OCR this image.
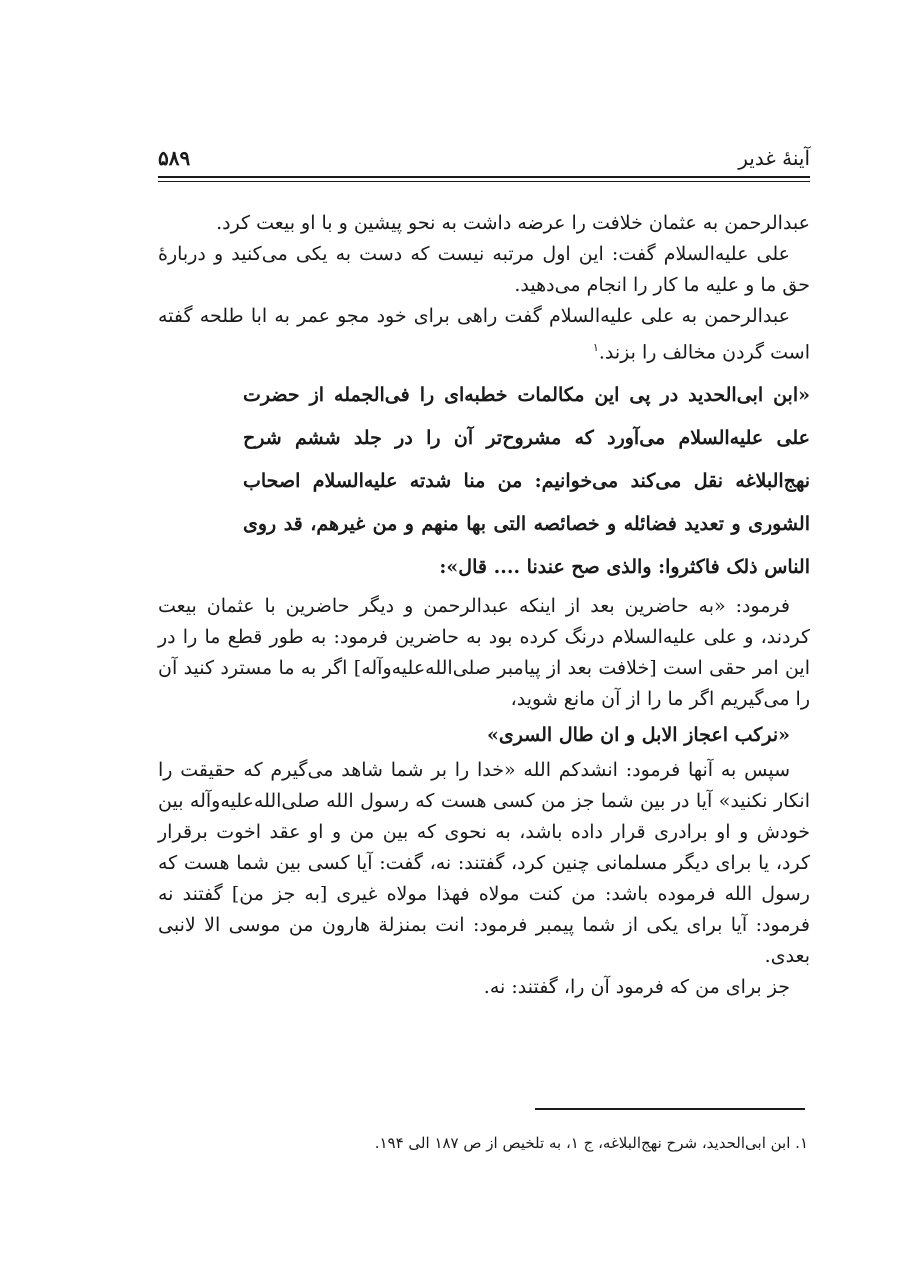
آینهٔ غدیر
۵۸۹

عبدالرحمن به عثمان خلافت را عرضه داشت به نحو پیشین و با او بیعت کرد.

علی علیه‌السلام گفت: این اول مرتبه نیست که دست به یکی می‌کنید و دربارهٔ حق ما و علیه ما کار را انجام می‌دهید.

عبدالرحمن به علی علیه‌السلام گفت راهی برای خود مجو عمر به ابا طلحه گفته است گردن مخالف را بزند.$^۱$

«ابن ابی‌الحدید در پی این مکالمات خطبه‌ای را فی‌الجمله از حضرت علی علیه‌السلام می‌آورد که مشروح‌تر آن را در جلد ششم شرح نهج‌البلاغه نقل می‌کند می‌خوانیم: من منا شدته علیه‌السلام اصحاب الشوری و تعدید فضائله و خصائصه التی بها منهم و من غیرهم، قد روی الناس ذلک فاکثروا: والذی صح عندنا .... قال»:

فرمود: «به حاضرین بعد از اینکه عبدالرحمن و دیگر حاضرین با عثمان بیعت کردند، و علی علیه‌السلام درنگ کرده بود به حاضرین فرمود: به طور قطع ما را در این امر حقی است [خلافت بعد از پیامبر صلی‌الله‌علیه‌وآله] اگر به ما مسترد کنید آن را می‌گیریم اگر ما را از آن مانع شوید،

«نرکب اعجاز الابل و ان طال السری»

سپس به آنها فرمود: انشدکم الله «خدا را بر شما شاهد می‌گیرم که حقیقت را انکار نکنید» آیا در بین شما جز من کسی هست که رسول الله صلی‌الله‌علیه‌وآله بین خودش و او برادری قرار داده باشد، به نحوی که بین من و او عقد اخوت برقرار کرد، یا برای دیگر مسلمانی چنین کرد، گفتند: نه، گفت: آیا کسی بین شما هست که رسول الله فرموده باشد: من کنت مولاه فهذا مولاه غیری [به جز من] گفتند نه فرمود: آیا برای یکی از شما پیمبر فرمود: انت بمنزلة هارون من موسی الا لانبی بعدی.

جز برای من که فرمود آن را، گفتند: نه.

۱. ابن ابی‌الحدید، شرح نهج‌البلاغه، ج ۱، به تلخیص از ص ۱۸۷ الی ۱۹۴.
